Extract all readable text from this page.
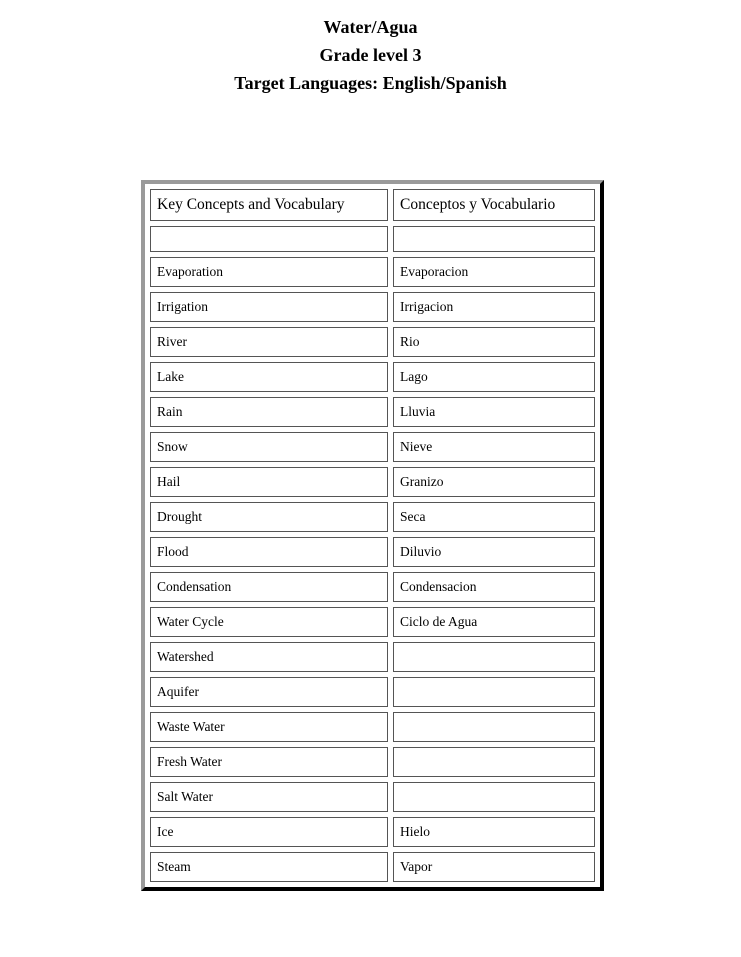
Water/Agua
Grade level 3
Target Languages: English/Spanish
Key Concepts and Vocabulary	Conceptos y Vocabulario

Evaporation	Evaporacion

Irrigation	Irrigacion

River	Rio

Lake	Lago

Rain	Lluvia

Snow	Nieve

Hail	Granizo

Drought	Seca

Flood	Diluvio

Condensation	Condensacion

Water Cycle	Ciclo de Agua

Watershed	

Aquifer	

Waste Water	

Fresh Water	

Salt Water	

Ice	Hielo

Steam	Vapor
